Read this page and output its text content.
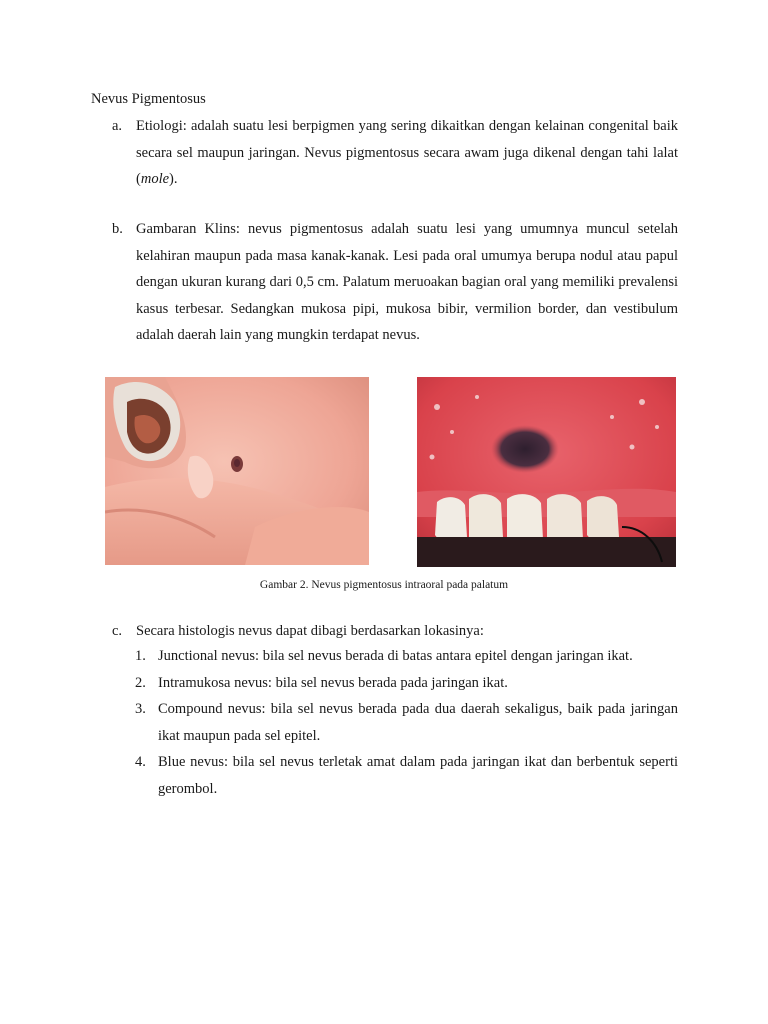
Nevus Pigmentosus
a. Etiologi: adalah suatu lesi berpigmen yang sering dikaitkan dengan kelainan congenital baik secara sel maupun jaringan. Nevus pigmentosus secara awam juga dikenal dengan tahi lalat (mole).
b. Gambaran Klins: nevus pigmentosus adalah suatu lesi yang umumnya muncul setelah kelahiran maupun pada masa kanak-kanak. Lesi pada oral umumya berupa nodul atau papul dengan ukuran kurang dari 0,5 cm. Palatum meruoakan bagian oral yang memiliki prevalensi kasus terbesar. Sedangkan mukosa pipi, mukosa bibir, vermilion border, dan vestibulum adalah daerah lain yang mungkin terdapat nevus.
Gambar 2. Nevus pigmentosus intraoral pada palatum
c. Secara histologis nevus dapat dibagi berdasarkan lokasinya:
1. Junctional nevus: bila sel nevus berada di batas antara epitel dengan jaringan ikat.
2. Intramukosa nevus: bila sel nevus berada pada jaringan ikat.
3. Compound nevus: bila sel nevus berada pada dua daerah sekaligus, baik pada jaringan ikat maupun pada sel epitel.
4. Blue nevus: bila sel nevus terletak amat dalam pada jaringan ikat dan berbentuk seperti gerombol.
